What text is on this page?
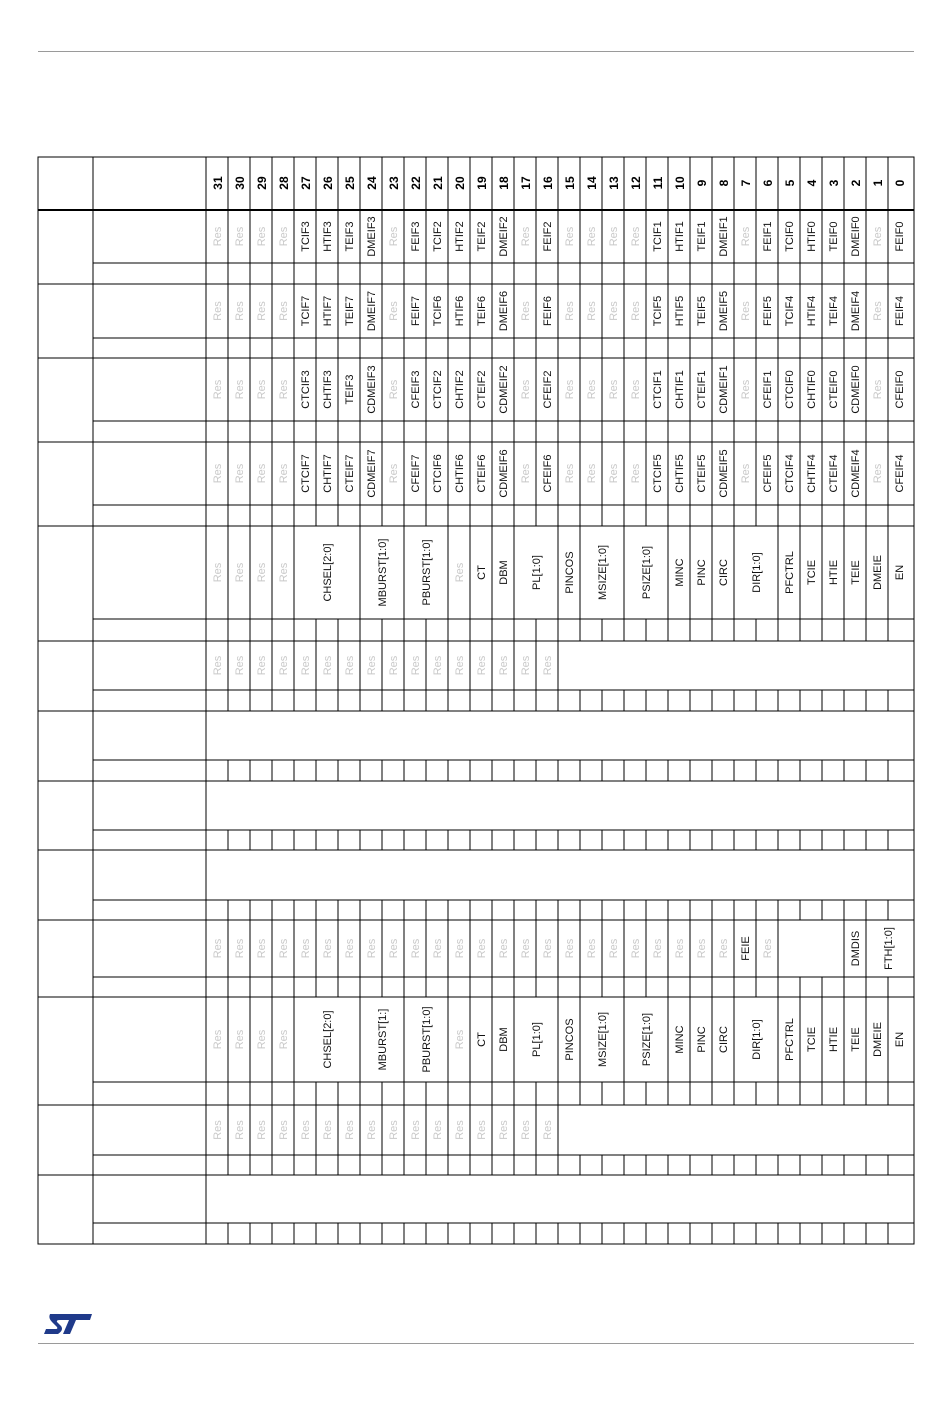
31 30 29 28 27 26 25 24 23 22 21 20 19 18 17 16 15 14 13 12 11 10 9 8 7 6 5 4 3 2 1 0
Res Res Res Res TCIF3 HTIF3 TEIF3 DMEIF3 Res FEIF3 TCIF2 HTIF2 TEIF2 DMEIF2 Res FEIF2 Res Res Res Res TCIF1 HTIF1 TEIF1 DMEIF1 Res FEIF1 TCIF0 HTIF0 TEIF0 DMEIF0 Res FEIF0
Res Res Res Res TCIF7 HTIF7 TEIF7 DMEIF7 Res FEIF7 TCIF6 HTIF6 TEIF6 DMEIF6 Res FEIF6 Res Res Res Res TCIF5 HTIF5 TEIF5 DMEIF5 Res FEIF5 TCIF4 HTIF4 TEIF4 DMEIF4 Res FEIF4
Res Res Res Res CTCIF3 CHTIF3 TEIF3 CDMEIF3 Res CFEIF3 CTCIF2 CHTIF2 CTEIF2 CDMEIF2 Res CFEIF2 Res Res Res Res CTCIF1 CHTIF1 CTEIF1 CDMEIF1 Res CFEIF1 CTCIF0 CHTIF0 CTEIF0 CDMEIF0 Res CFEIF0
Res Res Res Res CTCIF7 CHTIF7 CTEIF7 CDMEIF7 Res CFEIF7 CTCIF6 CHTIF6 CTEIF6 CDMEIF6 Res CFEIF6 Res Res Res Res CTCIF5 CHTIF5 CTEIF5 CDMEIF5 Res CFEIF5 CTCIF4 CHTIF4 CTEIF4 CDMEIF4 Res CFEIF4
Res Res Res Res	CHSEL[2:0]	MBURST[1:0]	PBURST[1:0] Res CT DBM PL[1:0] PINCOS MSIZE[1:0]	PSIZE[1:0] MINC PINC CIRC DIR[1:0] PFCTRL TCIE HTIE TEIE DMEIE EN
Res Res Res Res Res Res Res Res Res Res Res Res Res Res Res Res
Res Res Res Res Res Res Res Res Res Res Res Res Res Res Res Res Res Res Res Res Res Res Res Res FEIE Res	DMDIS FTH[1:0]
Res Res Res Res	CHSEL[2:0]	MBURST[1:]	PBURST[1:0] Res CT DBM PL[1:0] PINCOS MSIZE[1:0]	PSIZE[1:0] MINC PINC CIRC DIR[1:0] PFCTRL TCIE HTIE TEIE DMEIE EN
Res Res Res Res Res Res Res Res Res Res Res Res Res Res Res Res
